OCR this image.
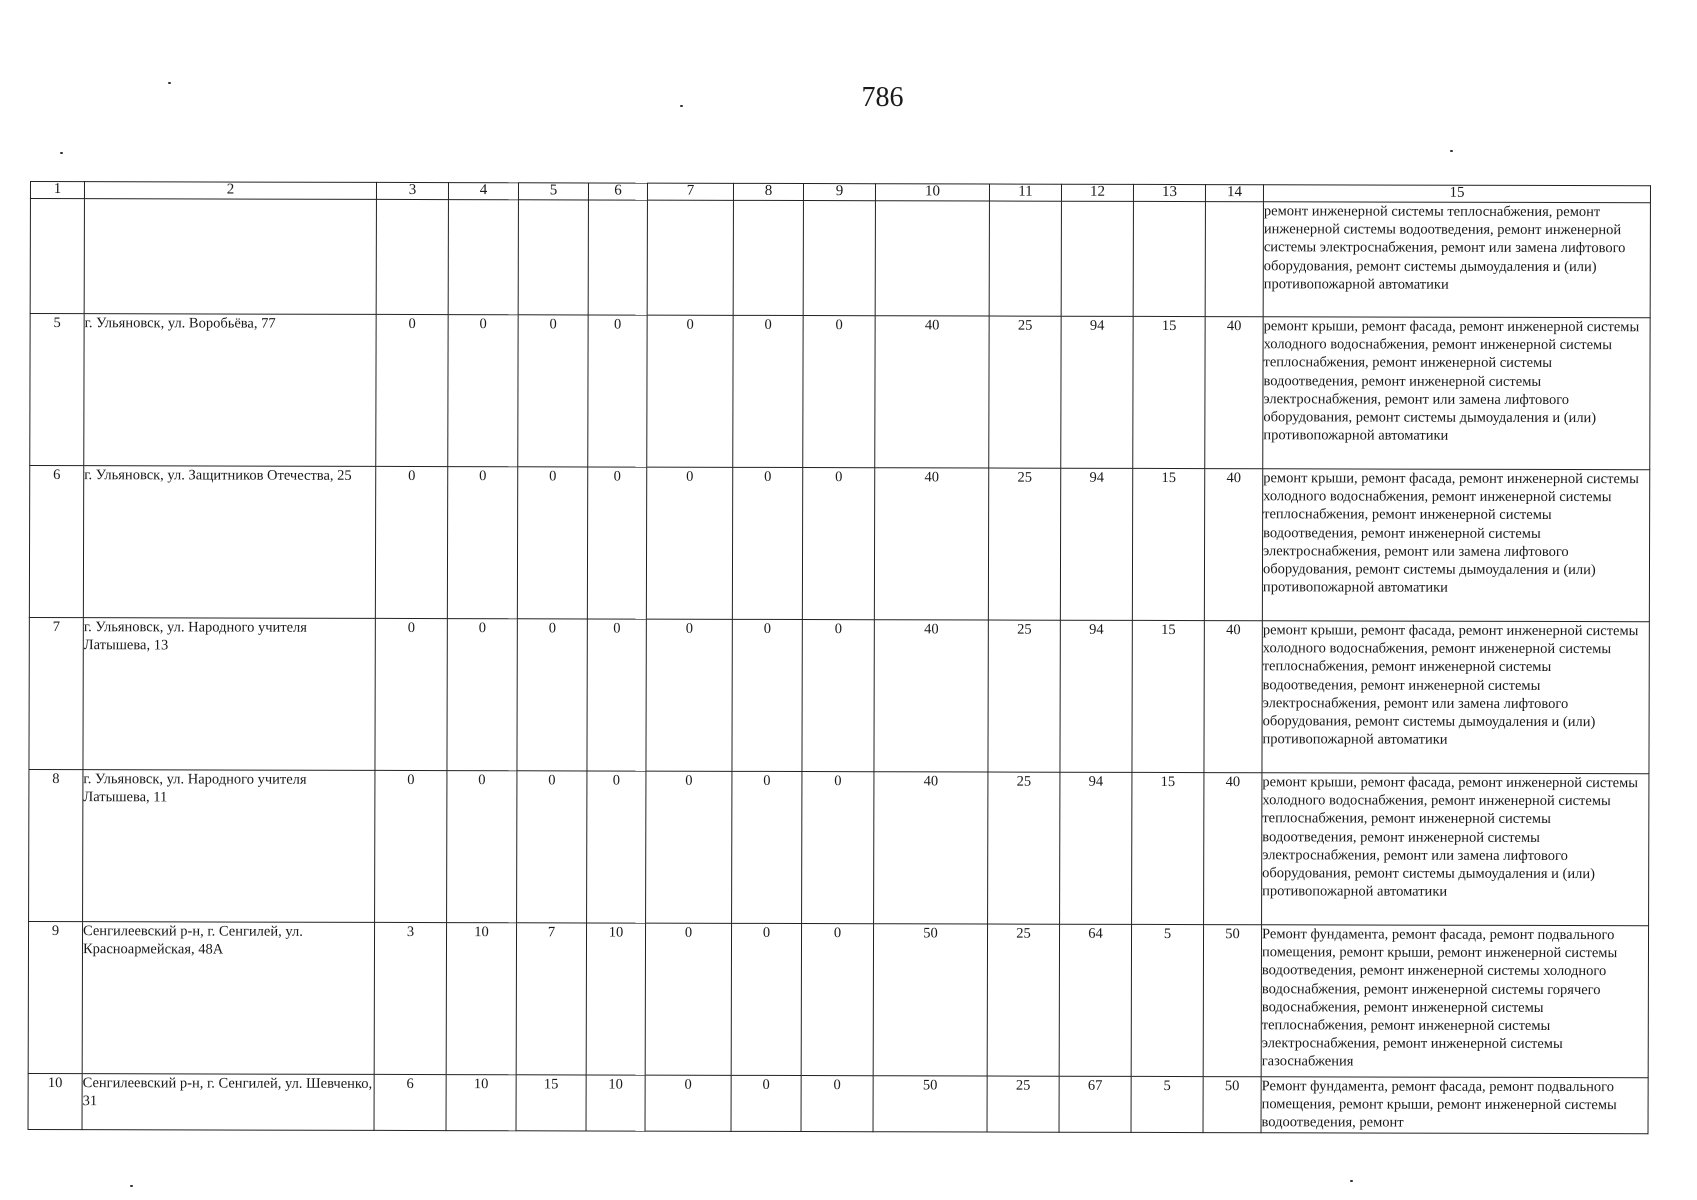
786
1	2	3	4	5	6	7	8	9	10	11	12	13	14	15
														ремонт инженерной системы теплоснабжения, ремонт инженерной системы водоотведения, ремонт инженерной системы электроснабжения, ремонт или замена лифтового оборудования, ремонт системы дымоудаления и (или) противопожарной автоматики
5	г. Ульяновск, ул. Воробьёва, 77	0	0	0	0	0	0	0	40	25	94	15	40	ремонт крыши, ремонт фасада, ремонт инженерной системы холодного водоснабжения, ремонт инженерной системы теплоснабжения, ремонт инженерной системы водоотведения, ремонт инженерной системы электроснабжения, ремонт или замена лифтового оборудования, ремонт системы дымоудаления и (или) противопожарной автоматики
6	г. Ульяновск, ул. Защитников Отечества, 25	0	0	0	0	0	0	0	40	25	94	15	40	ремонт крыши, ремонт фасада, ремонт инженерной системы холодного водоснабжения, ремонт инженерной системы теплоснабжения, ремонт инженерной системы водоотведения, ремонт инженерной системы электроснабжения, ремонт или замена лифтового оборудования, ремонт системы дымоудаления и (или) противопожарной автоматики
7	г. Ульяновск, ул. Народного учителя Латышева, 13	0	0	0	0	0	0	0	40	25	94	15	40	ремонт крыши, ремонт фасада, ремонт инженерной системы холодного водоснабжения, ремонт инженерной системы теплоснабжения, ремонт инженерной системы водоотведения, ремонт инженерной системы электроснабжения, ремонт или замена лифтового оборудования, ремонт системы дымоудаления и (или) противопожарной автоматики
8	г. Ульяновск, ул. Народного учителя Латышева, 11	0	0	0	0	0	0	0	40	25	94	15	40	ремонт крыши, ремонт фасада, ремонт инженерной системы холодного водоснабжения, ремонт инженерной системы теплоснабжения, ремонт инженерной системы водоотведения, ремонт инженерной системы электроснабжения, ремонт или замена лифтового оборудования, ремонт системы дымоудаления и (или) противопожарной автоматики
9	Сенгилеевский р-н, г. Сенгилей, ул. Красноармейская, 48А	3	10	7	10	0	0	0	50	25	64	5	50	Ремонт фундамента, ремонт фасада, ремонт подвального помещения, ремонт крыши, ремонт инженерной системы водоотведения, ремонт инженерной системы холодного водоснабжения, ремонт инженерной системы горячего водоснабжения, ремонт инженерной системы теплоснабжения, ремонт инженерной системы электроснабжения, ремонт инженерной системы газоснабжения
10	Сенгилеевский р-н, г. Сенгилей, ул. Шевченко, 31	6	10	15	10	0	0	0	50	25	67	5	50	Ремонт фундамента, ремонт фасада, ремонт подвального помещения, ремонт крыши, ремонт инженерной системы водоотведения, ремонт
